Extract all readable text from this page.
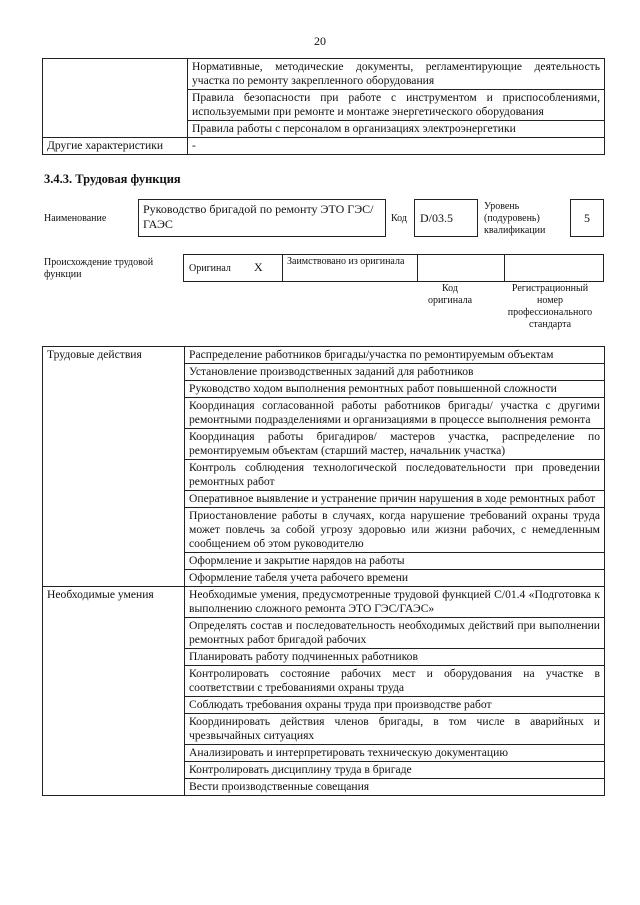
20
	Нормативные, методические документы, регламентирующие деятельность участка по ремонту закрепленного оборудования
	Правила безопасности при работе с инструментом и приспособлениями, используемыми при ремонте и монтаже энергетического оборудования
	Правила работы с персоналом в организациях электроэнергетики
Другие характеристики	-
3.4.3. Трудовая функция
Наименование
Руководство бригадой по ремонту ЭТО ГЭС/ГАЭС	Код	D/03.5
Уровень (подуровень) квалификации
5
Происхождение трудовой функции
Оригинал X Заимствовано из оригинала
Код оригинала
Регистрационный номер профессионального стандарта
Трудовые действия	Распределение работников бригады/участка по ремонтируемым объектам
	Установление производственных заданий для работников
	Руководство ходом выполнения ремонтных работ повышенной сложности
	Координация согласованной работы работников бригады/ участка с другими ремонтными подразделениями и организациями в процессе выполнения ремонта
	Координация работы бригадиров/ мастеров участка, распределение по ремонтируемым объектам (старший мастер, начальник участка)
	Контроль соблюдения технологической последовательности при проведении ремонтных работ
	Оперативное выявление и устранение причин нарушения в ходе ремонтных работ
	Приостановление работы в случаях, когда нарушение требований охраны труда может повлечь за собой угрозу здоровью или жизни рабочих, с немедленным сообщением об этом руководителю
	Оформление и закрытие нарядов на работы
	Оформление табеля учета рабочего времени
Необходимые умения	Необходимые умения, предусмотренные трудовой функцией С/01.4 «Подготовка к выполнению сложного ремонта ЭТО ГЭС/ГАЭС»
	Определять состав и последовательность необходимых действий при выполнении ремонтных работ бригадой рабочих
	Планировать работу подчиненных работников
	Контролировать состояние рабочих мест и оборудования на участке в соответствии с требованиями охраны труда
	Соблюдать требования охраны труда при производстве работ
	Координировать действия членов бригады, в том числе в аварийных и чрезвычайных ситуациях
	Анализировать и интерпретировать техническую документацию
	Контролировать дисциплину труда в бригаде
	Вести производственные совещания
